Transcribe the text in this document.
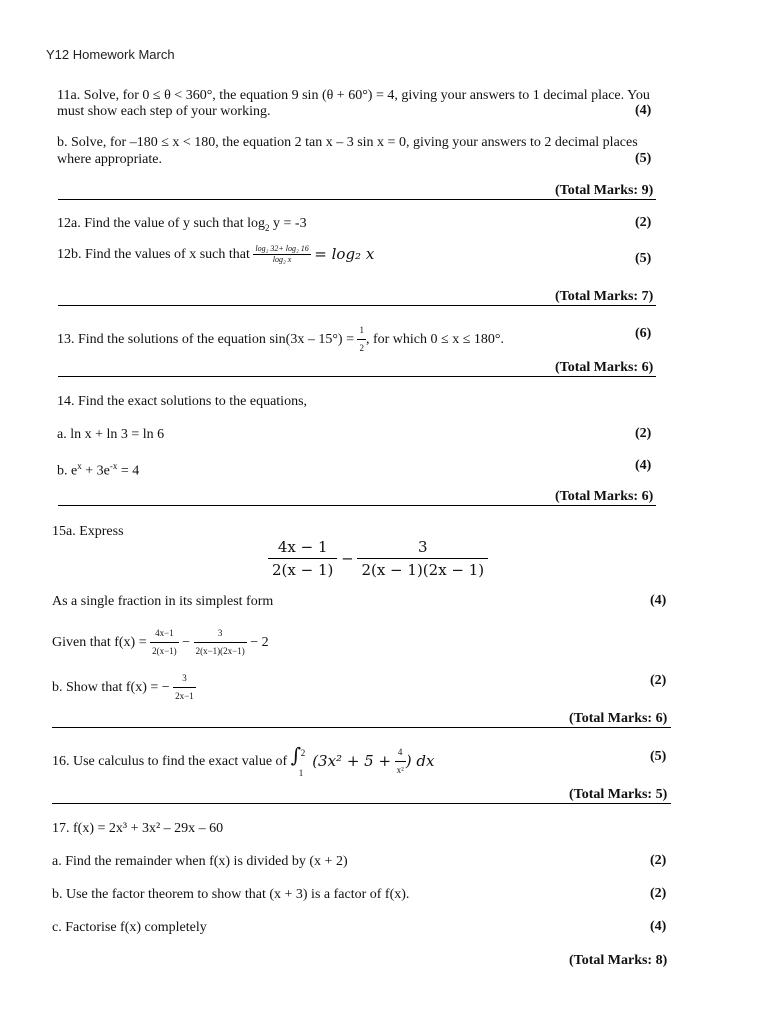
Y12 Homework March
11a. Solve, for 0 ≤ θ < 360°, the equation 9 sin (θ + 60°) = 4, giving your answers to 1 decimal place. You
must show each step of your working.	(4)
b. Solve, for –180 ≤ x < 180, the equation 2 tan x – 3 sin x = 0, giving your answers to 2 decimal places
where appropriate.	(5)
(Total Marks: 9)
12a. Find the value of y such that $\log_2 y = -3$	(2)
12b. Find the values of x such that $\frac{\text{log₂ 32+ log₂ 16}}{\text{log₂ x}} = \log_2$ x	(5)
(Total Marks: 7)
13. Find the solutions of the equation $\sin(3x - 15^\circ) = \frac{1}{2}$ , for which 0 ≤ x ≤ 180°.	(6)
(Total Marks: 6)
14. Find the exact solutions to the equations,
a. ln x + ln 3 = ln 6	(2)
b. $e^x + 3e^{-x} = 4$	(4)
(Total Marks: 6)
15a. Express
$\frac{4x - 1}{2(x - 1)} - \frac{3}{2(x - 1)(2x - 1)}$
As a single fraction in its simplest form	(4)
Given that $f(x) = \frac{4x-1}{2(x-1)} - \frac{3}{2(x-1)(2x-1)} - 2$
b. Show that f(x) = − $\frac{3}{2x-1}$	(2)
(Total Marks: 6)
16. Use calculus to find the exact value of ∫ 2
1
($3x^2 + 5 + \frac{4}{\text{x²}}$ ) dx	(5)
(Total Marks: 5)
17. f(x) = 2x³ + 3x² – 29x – 60
a. Find the remainder when f(x) is divided by (x + 2)	(2)
b. Use the factor theorem to show that (x + 3) is a factor of f(x).	(2)
c. Factorise f(x) completely	(4)
(Total Marks: 8)
